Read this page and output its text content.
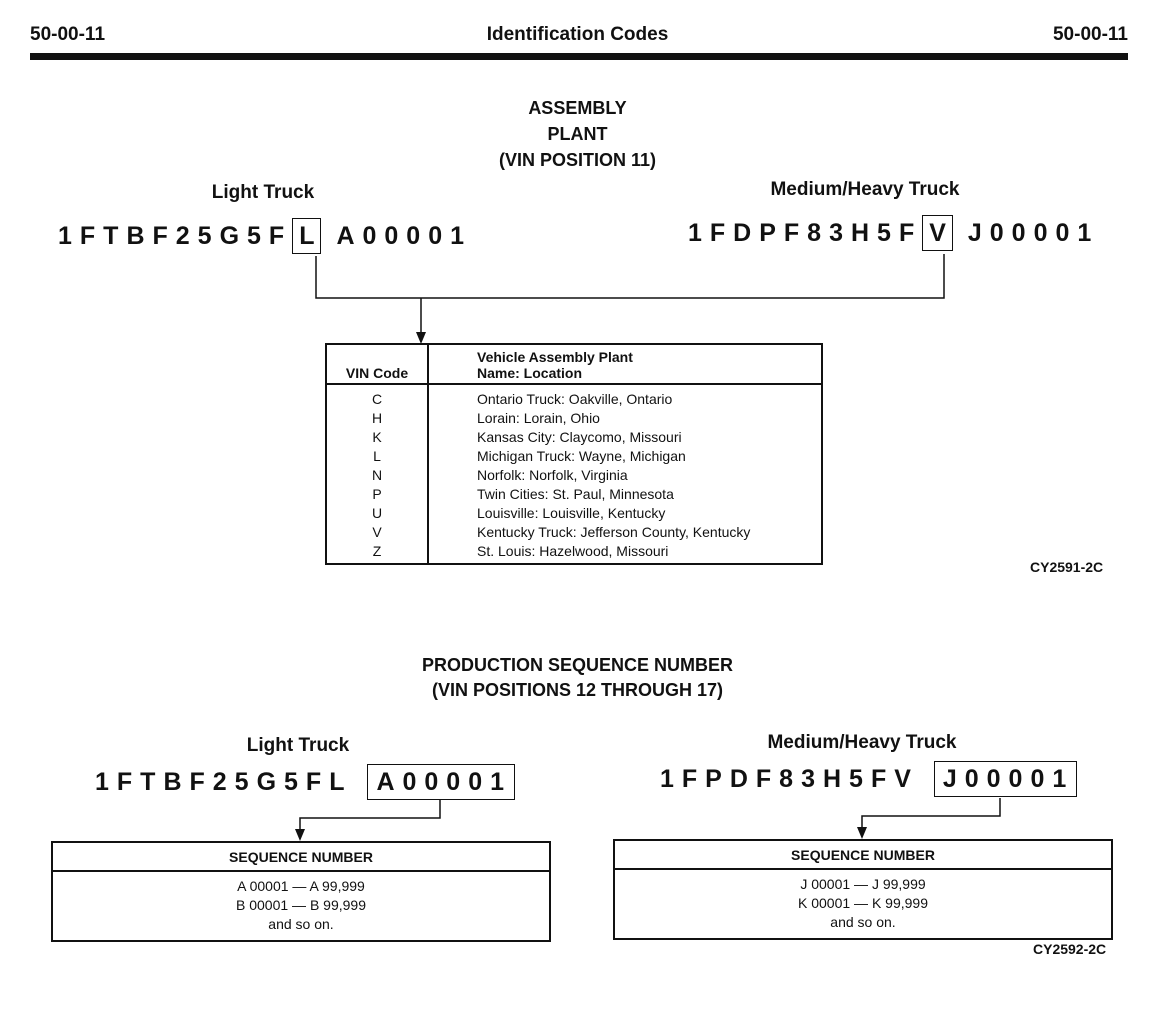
50-00-11	Identification Codes	50-00-11
ASSEMBLY
PLANT
(VIN POSITION 11)
Light Truck	Medium/Heavy Truck
1FTBF25G5F L A00001	1FDPF83H5F V J00001
VIN Code	Vehicle Assembly Plant
Name: Location

C	Ontario Truck: Oakville, Ontario
H	Lorain: Lorain, Ohio
K	Kansas City: Claycomo, Missouri
L	Michigan Truck: Wayne, Michigan
N	Norfolk: Norfolk, Virginia
P	Twin Cities: St. Paul, Minnesota
U	Louisville: Louisville, Kentucky
V	Kentucky Truck: Jefferson County, Kentucky
Z	St. Louis: Hazelwood, Missouri
CY2591-2C
PRODUCTION SEQUENCE NUMBER
(VIN POSITIONS 12 THROUGH 17)
Light Truck	Medium/Heavy Truck
1FTBF25G5FL A00001	1FPDF83H5FV J00001
SEQUENCE NUMBER
A 00001 — A 99,999
B 00001 — B 99,999
and so on.
SEQUENCE NUMBER
J 00001 — J 99,999
K 00001 — K 99,999
and so on.
CY2592-2C
